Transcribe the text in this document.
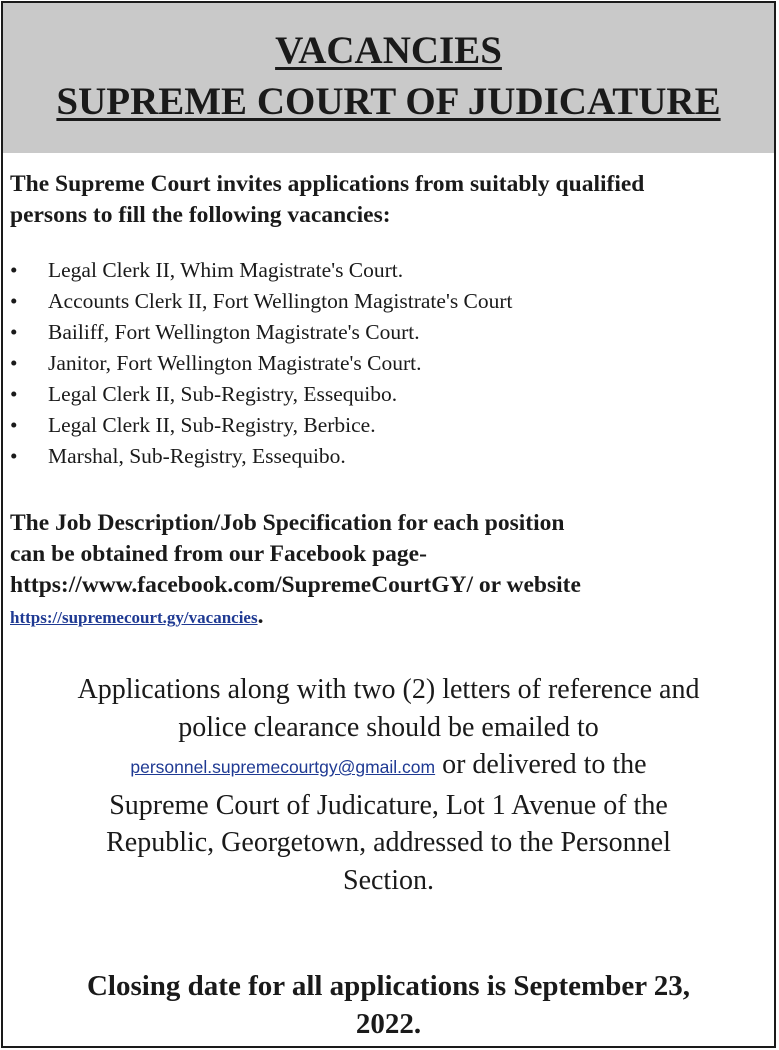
VACANCIES
SUPREME COURT OF JUDICATURE
The Supreme Court invites applications from suitably qualified
persons to fill the following vacancies:
• Legal Clerk II, Whim Magistrate's Court.
• Accounts Clerk II, Fort Wellington Magistrate's Court
• Bailiff, Fort Wellington Magistrate's Court.
• Janitor, Fort Wellington Magistrate's Court.
• Legal Clerk II, Sub-Registry, Essequibo.
• Legal Clerk II, Sub-Registry, Berbice.
• Marshal, Sub-Registry, Essequibo.
The Job Description/Job Specification for each position
can be obtained from our Facebook page-
https://www.facebook.com/SupremeCourtGY/ or website
https://supremecourt.gy/vacancies.
Applications along with two (2) letters of reference and
police clearance should be emailed to
personnel.supremecourtgy@gmail.com or delivered to the
Supreme Court of Judicature, Lot 1 Avenue of the
Republic, Georgetown, addressed to the Personnel
Section.
Closing date for all applications is September 23,
2022.
